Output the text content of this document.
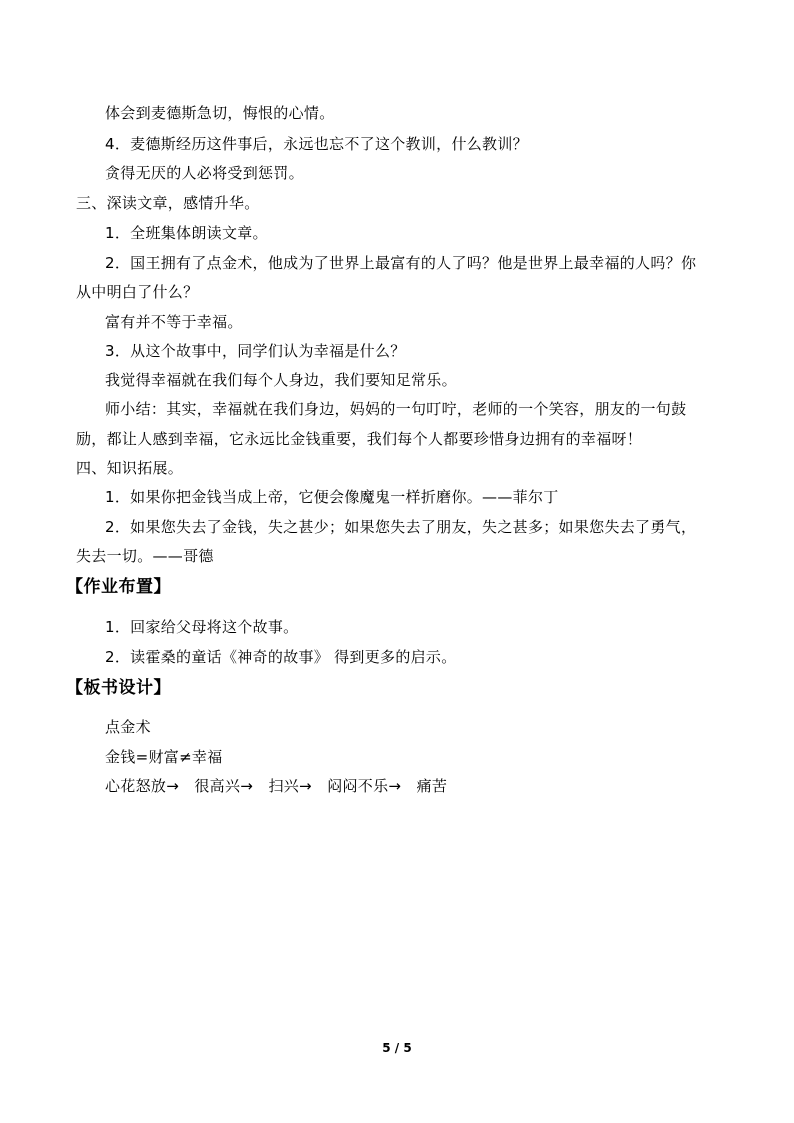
体会到麦德斯急切，悔恨的心情。
4．麦德斯经历这件事后，永远也忘不了这个教训，什么教训？
贪得无厌的人必将受到惩罚。
三、深读文章，感情升华。
1．全班集体朗读文章。
2．国王拥有了点金术，他成为了世界上最富有的人了吗？他是世界上最幸福的人吗？你
从中明白了什么？
富有并不等于幸福。
3．从这个故事中，同学们认为幸福是什么？
我觉得幸福就在我们每个人身边，我们要知足常乐。
师小结：其实，幸福就在我们身边，妈妈的一句叮咛，老师的一个笑容，朋友的一句鼓
励，都让人感到幸福，它永远比金钱重要，我们每个人都要珍惜身边拥有的幸福呀！
四、知识拓展。
1．如果你把金钱当成上帝，它便会像魔鬼一样折磨你。——菲尔丁
2．如果您失去了金钱，失之甚少；如果您失去了朋友，失之甚多；如果您失去了勇气，
失去一切。——哥德
【作业布置】
1．回家给父母将这个故事。
2．读霍桑的童话《神奇的故事》 得到更多的启示。
【板书设计】
点金术
金钱=财富≠幸福
心花怒放→　很高兴→　扫兴→　闷闷不乐→　痛苦
5 / 5
